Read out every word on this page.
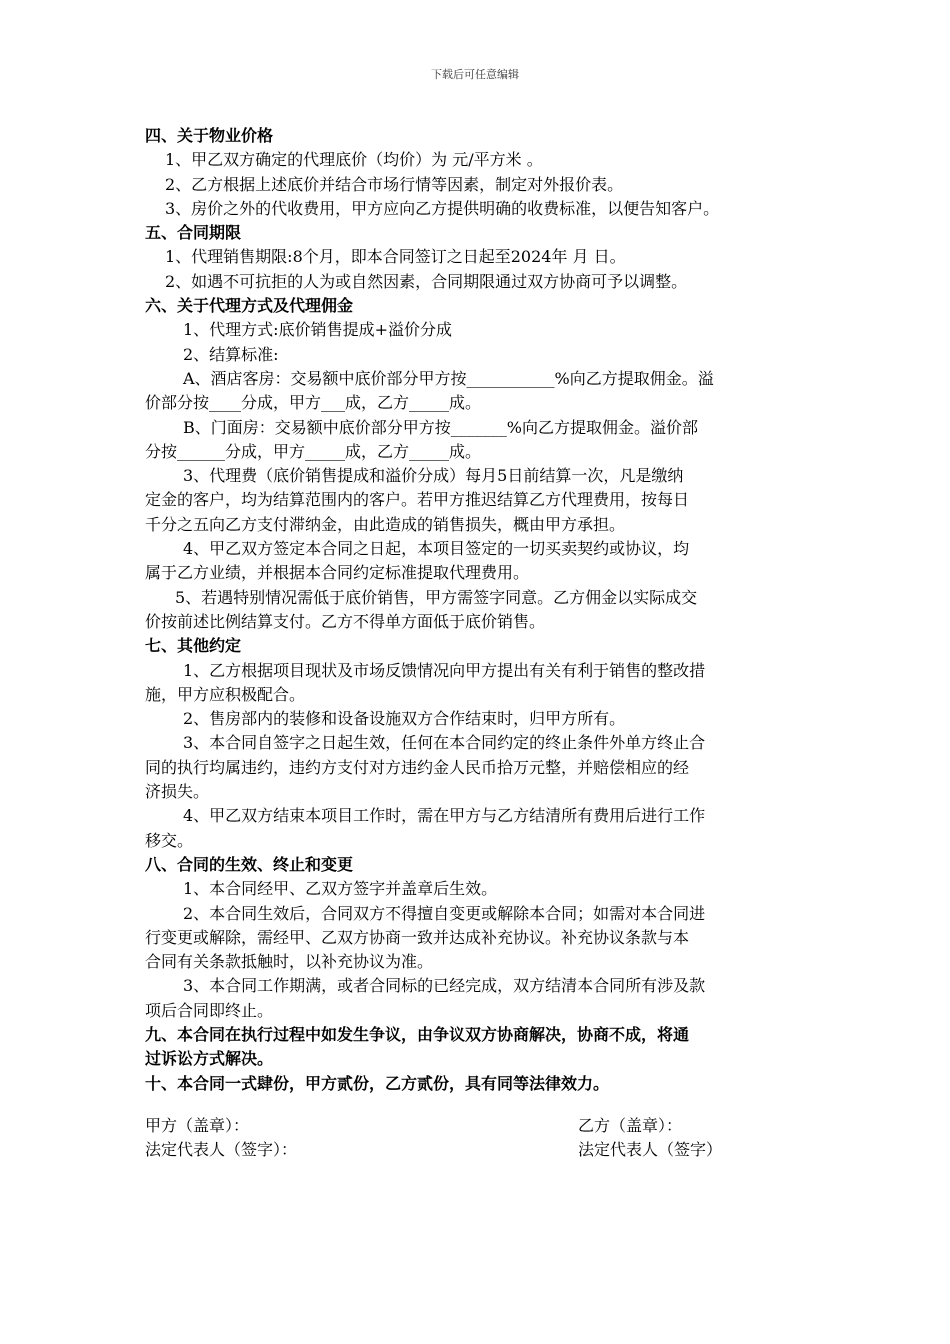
下载后可任意编辑

四、关于物业价格

1、甲乙双方确定的代理底价（均价）为 元/平方米 。

2、乙方根据上述底价并结合市场行情等因素，制定对外报价表。

3、房价之外的代收费用，甲方应向乙方提供明确的收费标准，以便告知客户。

五、合同期限

1、代理销售期限:8个月，即本合同签订之日起至2024年 月 日。

2、如遇不可抗拒的人为或自然因素，合同期限通过双方协商可予以调整。

六、关于代理方式及代理佣金

1、代理方式:底价销售提成+溢价分成

2、结算标准:

A、酒店客房：交易额中底价部分甲方按___________%向乙方提取佣金。溢

价部分按____分成，甲方___成，乙方_____成。

B、门面房：交易额中底价部分甲方按_______%向乙方提取佣金。溢价部

分按______分成，甲方_____成，乙方_____成。

3、代理费（底价销售提成和溢价分成）每月5日前结算一次，凡是缴纳

定金的客户，均为结算范围内的客户。若甲方推迟结算乙方代理费用，按每日

千分之五向乙方支付滞纳金，由此造成的销售损失，概由甲方承担。

4、甲乙双方签定本合同之日起，本项目签定的一切买卖契约或协议，均

属于乙方业绩，并根据本合同约定标准提取代理费用。

5、若遇特别情况需低于底价销售，甲方需签字同意。乙方佣金以实际成交

价按前述比例结算支付。乙方不得单方面低于底价销售。

七、其他约定

1、乙方根据项目现状及市场反馈情况向甲方提出有关有利于销售的整改措

施，甲方应积极配合。

2、售房部内的装修和设备设施双方合作结束时，归甲方所有。

3、本合同自签字之日起生效，任何在本合同约定的终止条件外单方终止合

同的执行均属违约，违约方支付对方违约金人民币拾万元整，并赔偿相应的经

济损失。

4、甲乙双方结束本项目工作时，需在甲方与乙方结清所有费用后进行工作

移交。

八、合同的生效、终止和变更

1、本合同经甲、乙双方签字并盖章后生效。

2、本合同生效后，合同双方不得擅自变更或解除本合同；如需对本合同进

行变更或解除，需经甲、乙双方协商一致并达成补充协议。补充协议条款与本

合同有关条款抵触时，以补充协议为准。

3、本合同工作期满，或者合同标的已经完成，双方结清本合同所有涉及款

项后合同即终止。

九、本合同在执行过程中如发生争议，由争议双方协商解决，协商不成，将通

过诉讼方式解决。

十、本合同一式肆份，甲方贰份，乙方贰份，具有同等法律效力。

甲方（盖章）：	乙方（盖章）：
法定代表人（签字）：	法定代表人（签字）
